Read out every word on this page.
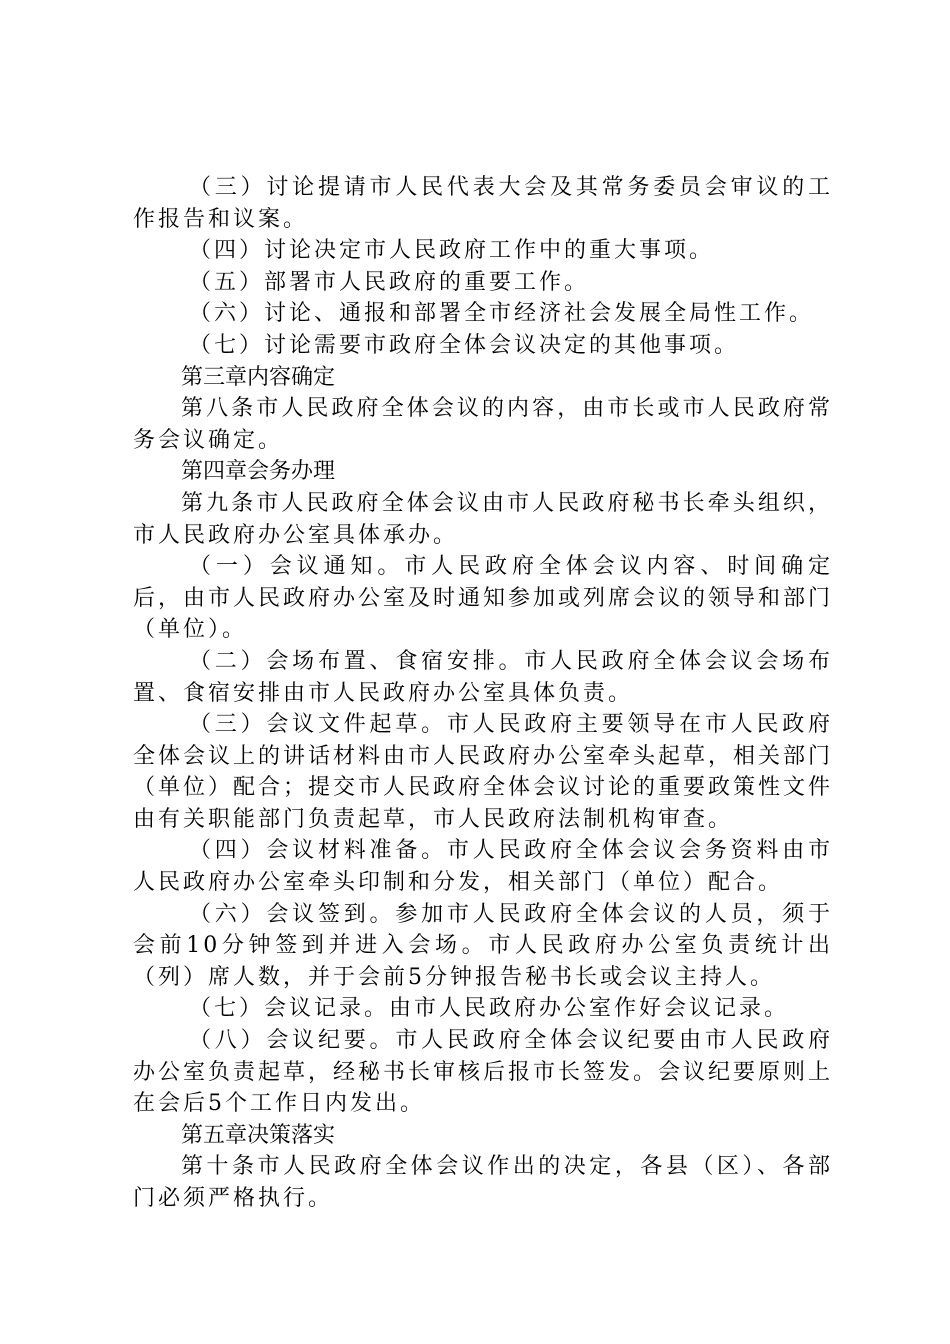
（三）讨论提请市人民代表大会及其常务委员会审议的工作报告和议案。

（四）讨论决定市人民政府工作中的重大事项。

（五）部署市人民政府的重要工作。

（六）讨论、通报和部署全市经济社会发展全局性工作。

（七）讨论需要市政府全体会议决定的其他事项。

第三章内容确定

第八条市人民政府全体会议的内容，由市长或市人民政府常务会议确定。

第四章会务办理

第九条市人民政府全体会议由市人民政府秘书长牵头组织，市人民政府办公室具体承办。

（一）会议通知。市人民政府全体会议内容、时间确定后，由市人民政府办公室及时通知参加或列席会议的领导和部门（单位）。

（二）会场布置、食宿安排。市人民政府全体会议会场布置、食宿安排由市人民政府办公室具体负责。

（三）会议文件起草。市人民政府主要领导在市人民政府全体会议上的讲话材料由市人民政府办公室牵头起草，相关部门（单位）配合；提交市人民政府全体会议讨论的重要政策性文件由有关职能部门负责起草，市人民政府法制机构审查。

（四）会议材料准备。市人民政府全体会议会务资料由市人民政府办公室牵头印制和分发，相关部门（单位）配合。

（六）会议签到。参加市人民政府全体会议的人员，须于会前10分钟签到并进入会场。市人民政府办公室负责统计出（列）席人数，并于会前5分钟报告秘书长或会议主持人。

（七）会议记录。由市人民政府办公室作好会议记录。

（八）会议纪要。市人民政府全体会议纪要由市人民政府办公室负责起草，经秘书长审核后报市长签发。会议纪要原则上在会后5个工作日内发出。

第五章决策落实

第十条市人民政府全体会议作出的决定，各县（区）、各部门必须严格执行。
